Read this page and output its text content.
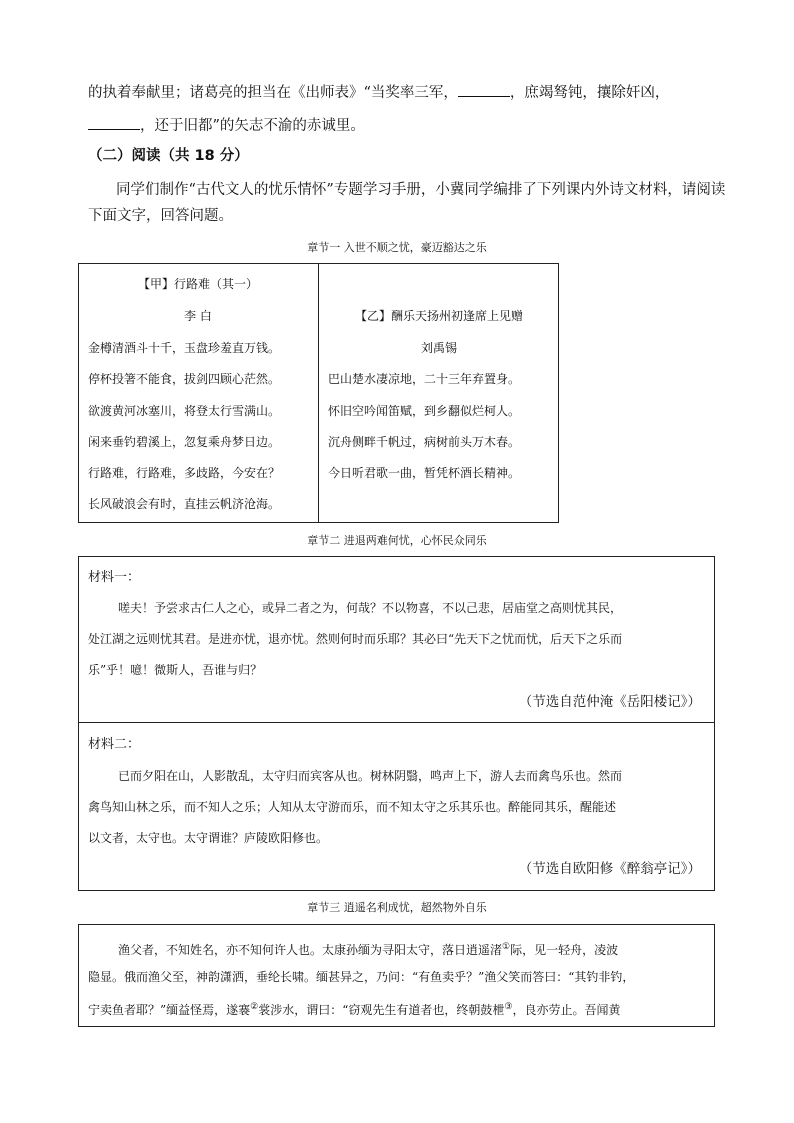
的执着奉献里；诸葛亮的担当在《出师表》“当奖率三军，	，庶竭驽钝，攘除奸凶，
，还于旧都”的矢志不渝的赤诚里。
（二）阅读（共 18 分）
同学们制作“古代文人的忧乐情怀”专题学习手册，小冀同学编排了下列课内外诗文材料，请阅读
下面文字，回答问题。
章节一 入世不顺之忧，豪迈豁达之乐
【甲】行路难（其一）
李 白
金樽清酒斗十千，玉盘珍羞直万钱。
停杯投箸不能食，拔剑四顾心茫然。
欲渡黄河冰塞川，将登太行雪满山。
闲来垂钓碧溪上，忽复乘舟梦日边。
行路难，行路难，多歧路，今安在？
长风破浪会有时，直挂云帆济沧海。
【乙】酬乐天扬州初逢席上见赠
刘禹锡
巴山楚水凄凉地，二十三年弃置身。
怀旧空吟闻笛赋，到乡翻似烂柯人。
沉舟侧畔千帆过，病树前头万木春。
今日听君歌一曲，暂凭杯酒长精神。
章节二 进退两难何忧，心怀民众同乐
材料一：
嗟夫！予尝求古仁人之心，或异二者之为，何哉？不以物喜，不以己悲，居庙堂之高则忧其民，
处江湖之远则忧其君。是进亦忧，退亦忧。然则何时而乐耶？其必曰“先天下之忧而忧，后天下之乐而
乐”乎！噫！微斯人，吾谁与归？
（节选自范仲淹《岳阳楼记》）
材料二：
已而夕阳在山，人影散乱，太守归而宾客从也。树林阴翳，鸣声上下，游人去而禽鸟乐也。然而
禽鸟知山林之乐，而不知人之乐；人知从太守游而乐，而不知太守之乐其乐也。醉能同其乐，醒能述
以文者，太守也。太守谓谁？庐陵欧阳修也。
（节选自欧阳修《醉翁亭记》）
章节三 逍遥名利成忧，超然物外自乐
渔父者，不知姓名，亦不知何许人也。太康孙缅为寻阳太守，落日逍遥渚①际，见一轻舟，凌波
隐显。俄而渔父至，神韵潇洒，垂纶长啸。缅甚异之，乃问：“有鱼卖乎？”渔父笑而答曰：“其钓非钓，
宁卖鱼者耶？”缅益怪焉，遂褰②裳涉水，谓曰：“窃观先生有道者也，终朝鼓枻③，良亦劳止。吾闻黄
